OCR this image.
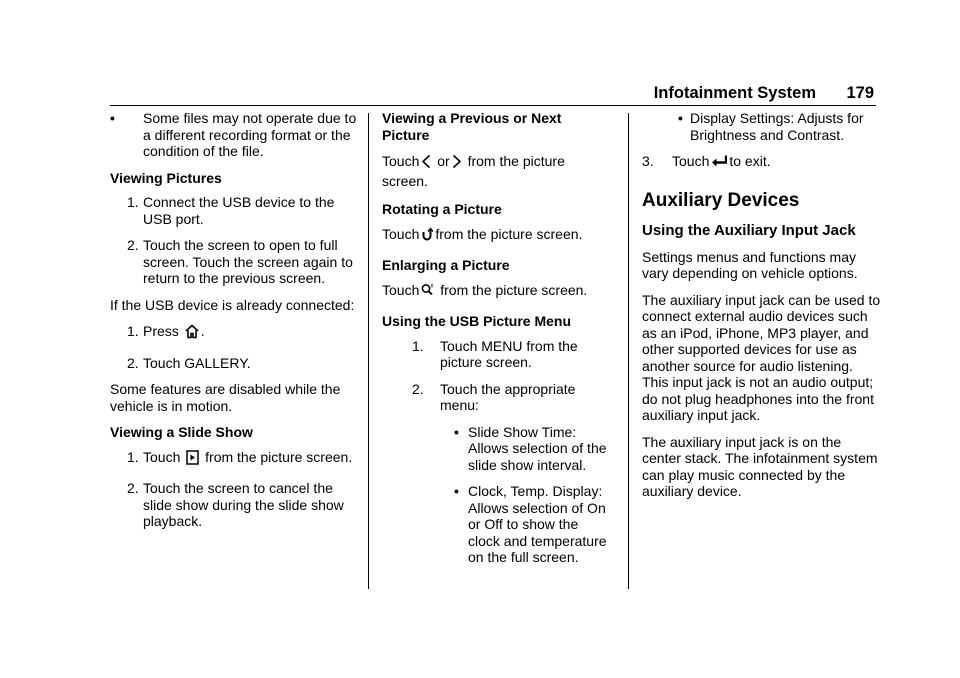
Infotainment System 179
• Some files may not operate due to a different recording format or the condition of the file.

Viewing Pictures

1. Connect the USB device to the USB port.
2. Touch the screen to open to full screen. Touch the screen again to return to the previous screen.

If the USB device is already connected:

1. Press .
2. Touch GALLERY.

Some features are disabled while the vehicle is in motion.

Viewing a Slide Show

1. Touch from the picture screen.
2. Touch the screen to cancel the slide show during the slide show playback.

Viewing a Previous or Next Picture

Touch or from the picture screen.

Rotating a Picture

Touch from the picture screen.

Enlarging a Picture

Touch from the picture screen.

Using the USB Picture Menu

1. Touch MENU from the picture screen.
2. Touch the appropriate menu:
• Slide Show Time: Allows selection of the slide show interval.
• Clock, Temp. Display: Allows selection of On or Off to show the clock and temperature on the full screen.
• Display Settings: Adjusts for Brightness and Contrast.
3. Touch to exit.
Auxiliary Devices
Using the Auxiliary Input Jack

Settings menus and functions may vary depending on vehicle options.

The auxiliary input jack can be used to connect external audio devices such as an iPod, iPhone, MP3 player, and other supported devices for use as another source for audio listening. This input jack is not an audio output; do not plug headphones into the front auxiliary input jack.

The auxiliary input jack is on the center stack. The infotainment system can play music connected by the auxiliary device.
